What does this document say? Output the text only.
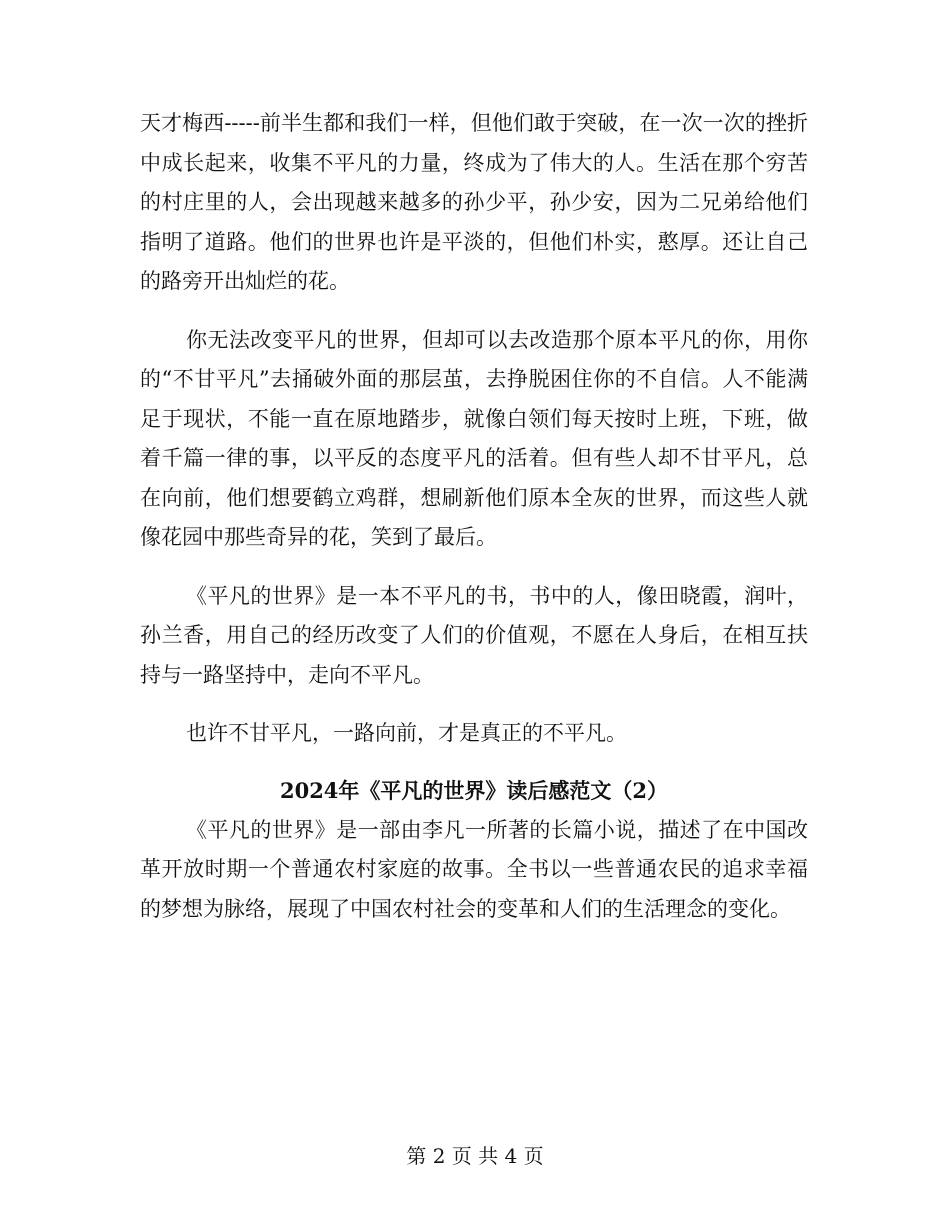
天才梅西-----前半生都和我们一样，但他们敢于突破，在一次一次的挫折中成长起来，收集不平凡的力量，终成为了伟大的人。生活在那个穷苦的村庄里的人，会出现越来越多的孙少平，孙少安，因为二兄弟给他们指明了道路。他们的世界也许是平淡的，但他们朴实，憨厚。还让自己的路旁开出灿烂的花。

你无法改变平凡的世界，但却可以去改造那个原本平凡的你，用你的“不甘平凡”去捅破外面的那层茧，去挣脱困住你的不自信。人不能满足于现状，不能一直在原地踏步，就像白领们每天按时上班，下班，做着千篇一律的事，以平反的态度平凡的活着。但有些人却不甘平凡，总在向前，他们想要鹤立鸡群，想刷新他们原本全灰的世界，而这些人就像花园中那些奇异的花，笑到了最后。

《平凡的世界》是一本不平凡的书，书中的人，像田晓霞，润叶，孙兰香，用自己的经历改变了人们的价值观，不愿在人身后，在相互扶持与一路坚持中，走向不平凡。

也许不甘平凡，一路向前，才是真正的不平凡。

2024年《平凡的世界》读后感范文（2）

《平凡的世界》是一部由李凡一所著的长篇小说，描述了在中国改革开放时期一个普通农村家庭的故事。全书以一些普通农民的追求幸福的梦想为脉络，展现了中国农村社会的变革和人们的生活理念的变化。

第 2 页 共 4 页
